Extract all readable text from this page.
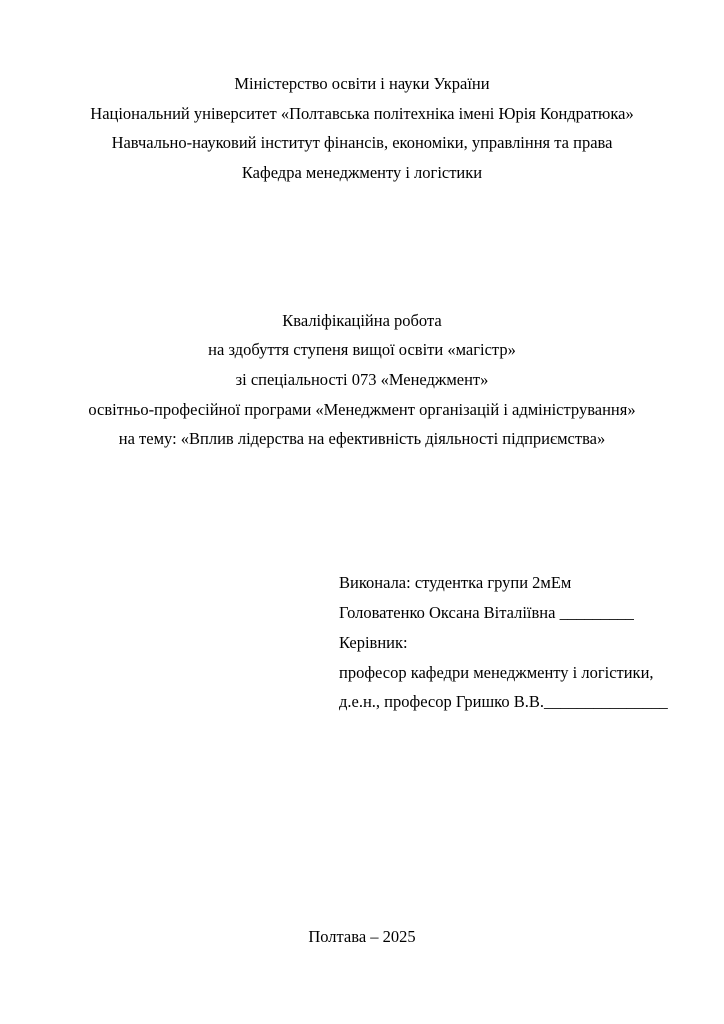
Міністерство освіти і науки України
Національний університет «Полтавська політехніка імені Юрія Кондратюка»
Навчально-науковий інститут фінансів, економіки, управління та права
Кафедра менеджменту і логістики
Кваліфікаційна робота
на здобуття ступеня вищої освіти «магістр»
зі спеціальності 073 «Менеджмент»
освітньо-професійної програми «Менеджмент організацій і адміністрування»
на тему: «Вплив лідерства на ефективність діяльності підприємства»
Виконала: студентка групи 2мЕм
Головатенко Оксана Віталіївна _________
Керівник:
професор кафедри менеджменту і логістики,
д.е.н., професор Гришко В.В._______________
Полтава – 2025
